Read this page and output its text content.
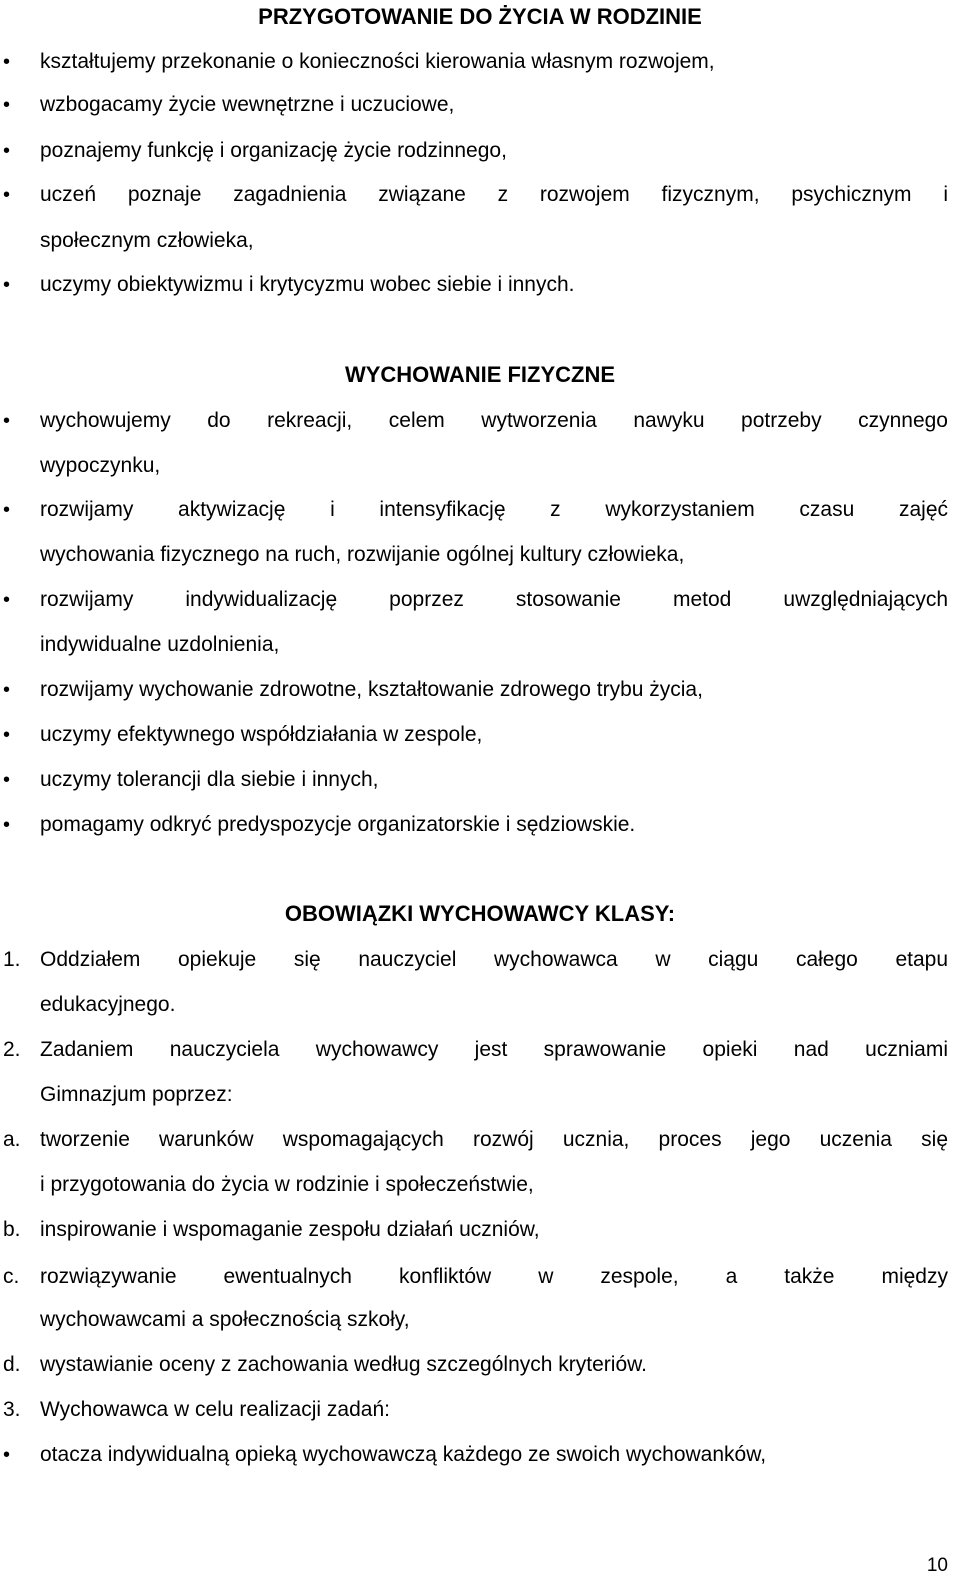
PRZYGOTOWANIE DO ŻYCIA W RODZINIE
• kształtujemy przekonanie o konieczności kierowania własnym rozwojem,

• wzbogacamy życie wewnętrzne i uczuciowe,

• poznajemy funkcję i organizację życie rodzinnego,

• uczeń poznaje zagadnienia związane z rozwojem fizycznym, psychicznym i

społecznym człowieka,

• uczymy obiektywizmu i krytycyzmu wobec siebie i innych.

WYCHOWANIE FIZYCZNE
• wychowujemy do rekreacji, celem wytworzenia nawyku potrzeby czynnego

wypoczynku,

• rozwijamy aktywizację i intensyfikację z wykorzystaniem czasu zajęć

wychowania fizycznego na ruch, rozwijanie ogólnej kultury człowieka,

• rozwijamy indywidualizację poprzez stosowanie metod uwzględniających

indywidualne uzdolnienia,

• rozwijamy wychowanie zdrowotne, kształtowanie zdrowego trybu życia,

• uczymy efektywnego współdziałania w zespole,

• uczymy tolerancji dla siebie i innych,

• pomagamy odkryć predyspozycje organizatorskie i sędziowskie.

OBOWIĄZKI WYCHOWAWCY KLASY:
1. Oddziałem opiekuje się nauczyciel wychowawca w ciągu całego etapu

edukacyjnego.

2. Zadaniem nauczyciela wychowawcy jest sprawowanie opieki nad uczniami

Gimnazjum poprzez:

a. tworzenie warunków wspomagających rozwój ucznia, proces jego uczenia się

i przygotowania do życia w rodzinie i społeczeństwie,

b. inspirowanie i wspomaganie zespołu działań uczniów,

c. rozwiązywanie ewentualnych konfliktów w zespole, a także między

wychowawcami a społecznością szkoły,

d. wystawianie oceny z zachowania według szczególnych kryteriów.

3. Wychowawca w celu realizacji zadań:

• otacza indywidualną opieką wychowawczą każdego ze swoich wychowanków,

10
